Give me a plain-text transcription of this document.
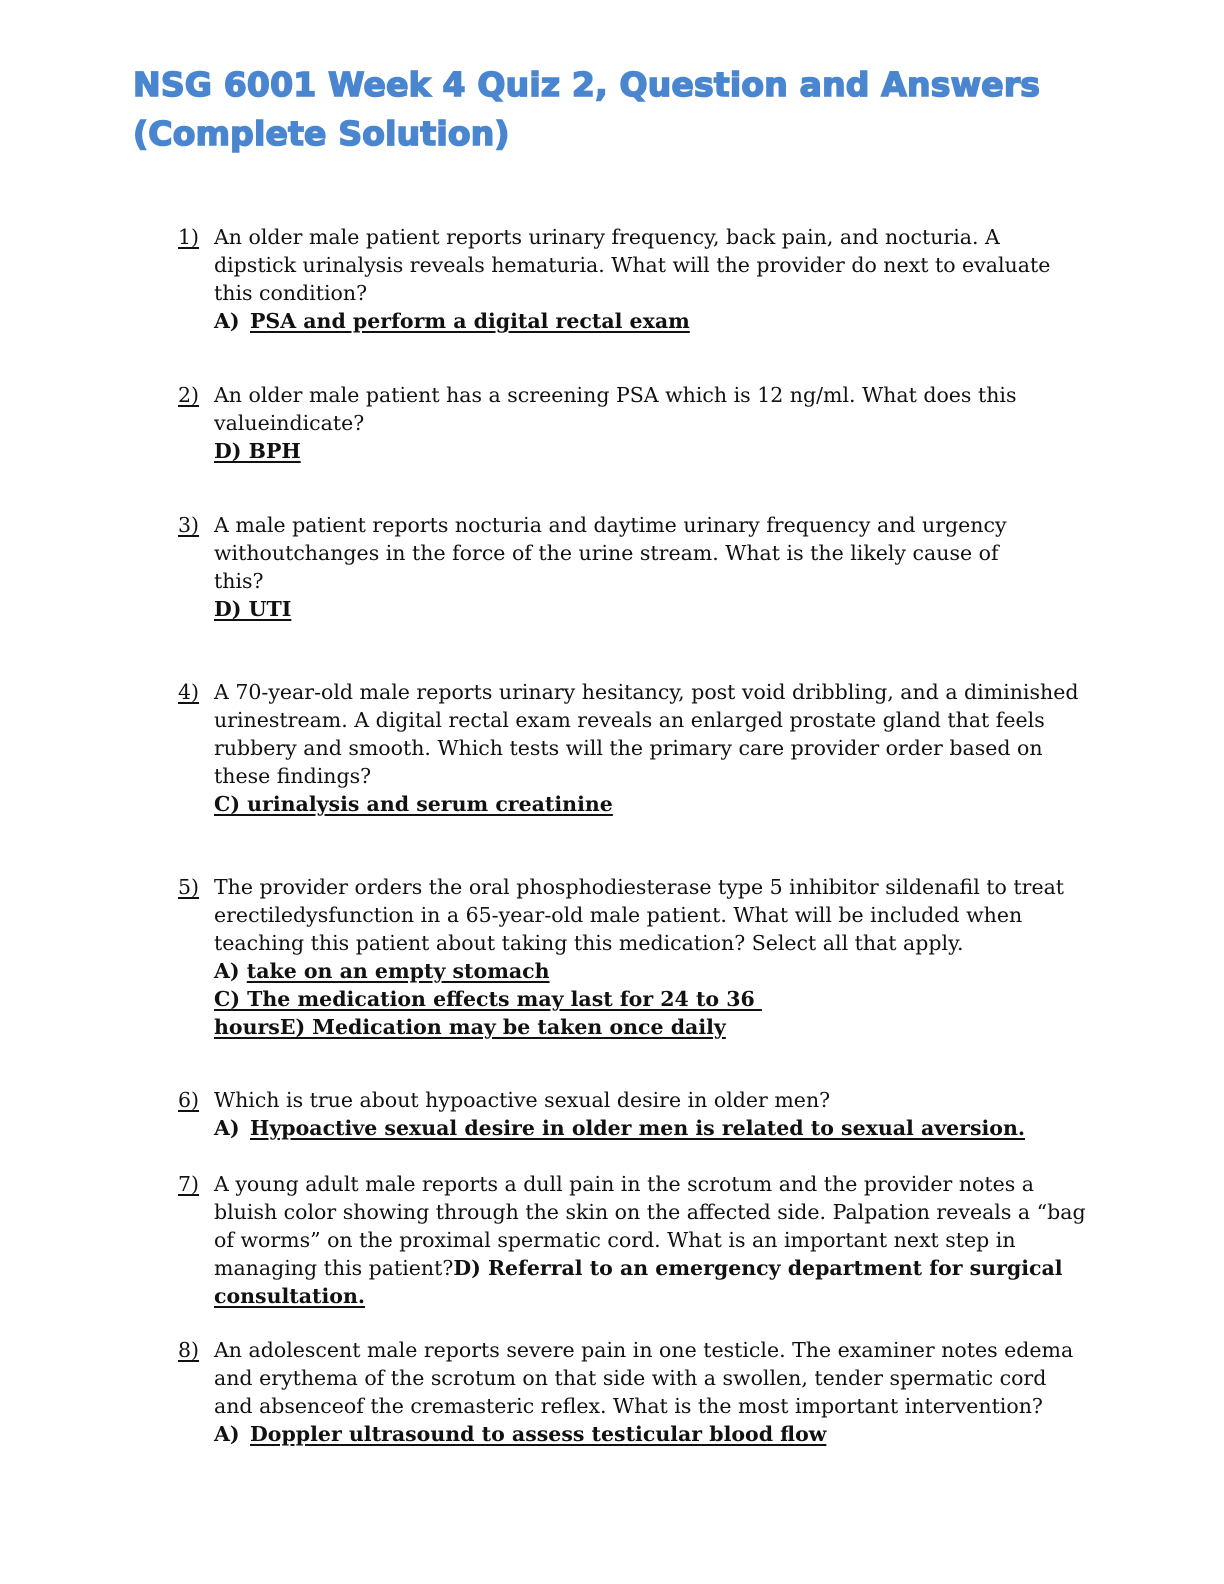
NSG 6001 Week 4 Quiz 2, Question and Answers
(Complete Solution)
1) An older male patient reports urinary frequency, back pain, and nocturia. A
dipstick urinalysis reveals hematuria. What will the provider do next to evaluate
this condition?
A) PSA and perform a digital rectal exam
2) An older male patient has a screening PSA which is 12 ng/ml. What does this
valueindicate?
D) BPH
3) A male patient reports nocturia and daytime urinary frequency and urgency
withoutchanges in the force of the urine stream. What is the likely cause of
this?
D) UTI
4) A 70-year-old male reports urinary hesitancy, post void dribbling, and a diminished
urinestream. A digital rectal exam reveals an enlarged prostate gland that feels
rubbery and smooth. Which tests will the primary care provider order based on
these findings?
C) urinalysis and serum creatinine
5) The provider orders the oral phosphodiesterase type 5 inhibitor sildenafil to treat
erectiledysfunction in a 65-year-old male patient. What will be included when
teaching this patient about taking this medication? Select all that apply.
A) take on an empty stomach
C) The medication effects may last for 24 to 36
hoursE) Medication may be taken once daily
6) Which is true about hypoactive sexual desire in older men?
A) Hypoactive sexual desire in older men is related to sexual aversion.
7) A young adult male reports a dull pain in the scrotum and the provider notes a
bluish color showing through the skin on the affected side. Palpation reveals a “bag
of worms” on the proximal spermatic cord. What is an important next step in
managing this patient?D) Referral to an emergency department for surgical
consultation.
8) An adolescent male reports severe pain in one testicle. The examiner notes edema
and erythema of the scrotum on that side with a swollen, tender spermatic cord
and absenceof the cremasteric reflex. What is the most important intervention?
A) Doppler ultrasound to assess testicular blood flow
